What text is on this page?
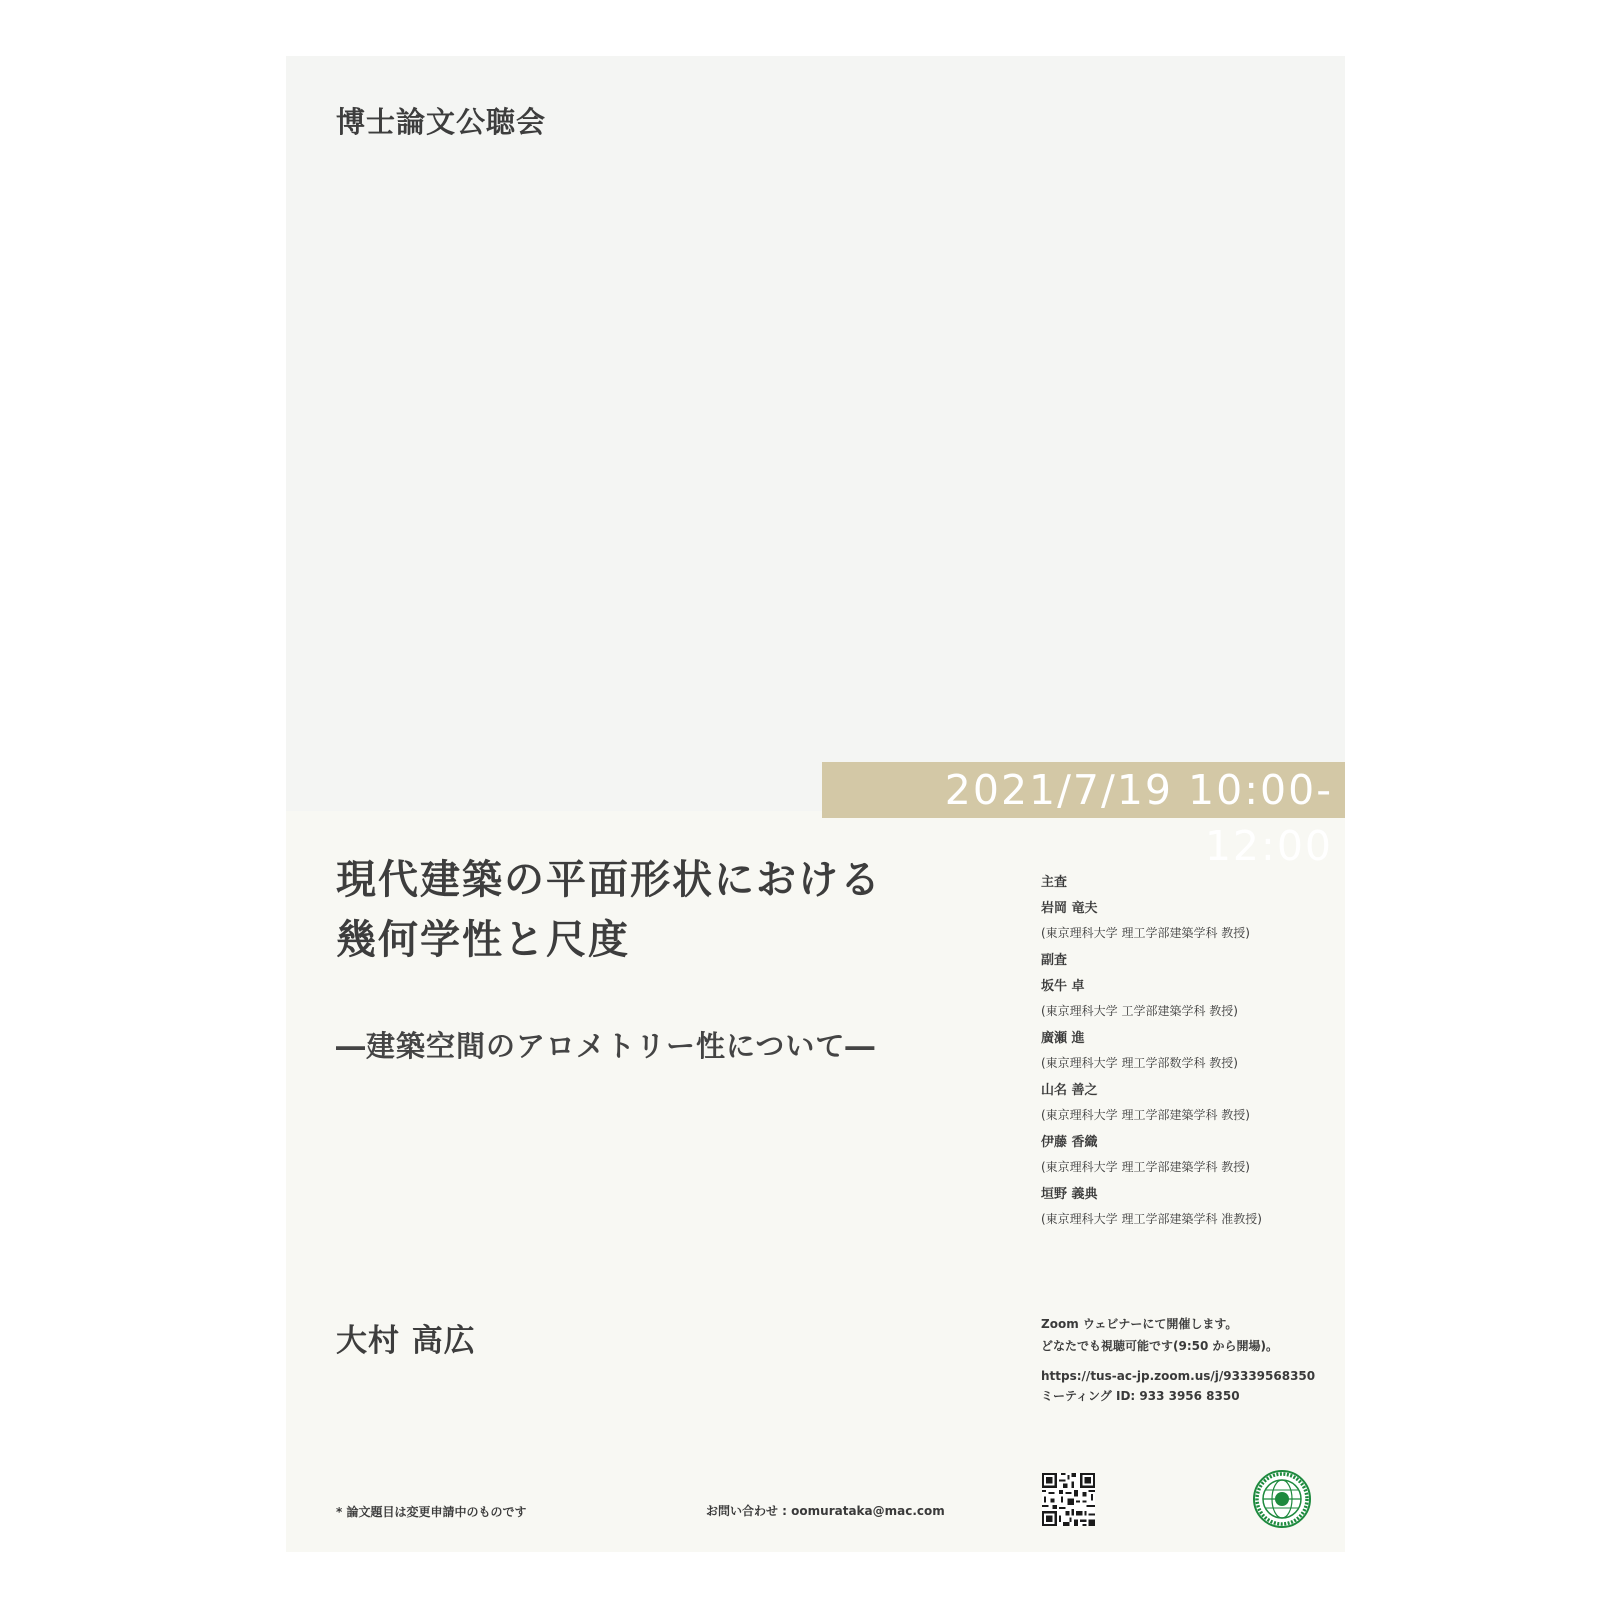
博士論文公聴会
2021/7/19 10:00-12:00
現代建築の平面形状における
幾何学性と尺度
―建築空間のアロメトリー性について―
大村 高広
主査
岩岡 竜夫
(東京理科大学 理工学部建築学科 教授)
副査
坂牛 卓
(東京理科大学 工学部建築学科 教授)
廣瀬 進
(東京理科大学 理工学部数学科 教授)
山名 善之
(東京理科大学 理工学部建築学科 教授)
伊藤 香織
(東京理科大学 理工学部建築学科 教授)
垣野 義典
(東京理科大学 理工学部建築学科 准教授)
Zoom ウェビナーにて開催します。
どなたでも視聴可能です(9:50 から開場)。
https://tus-ac-jp.zoom.us/j/93339568350
ミーティング ID: 933 3956 8350
* 論文題目は変更申請中のものです	お問い合わせ : oomurataka@mac.com
